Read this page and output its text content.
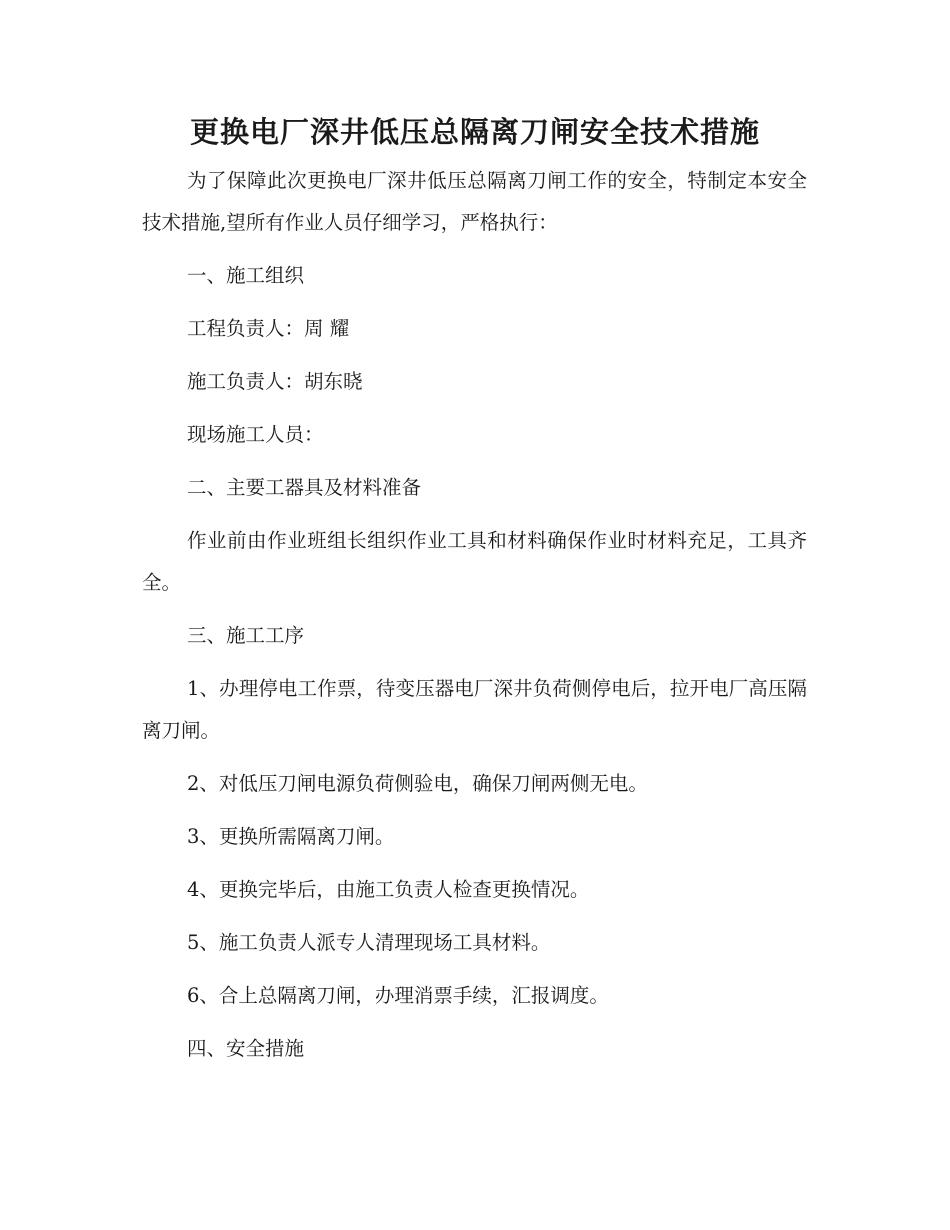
更换电厂深井低压总隔离刀闸安全技术措施

为了保障此次更换电厂深井低压总隔离刀闸工作的安全，特制定本安全技术措施,望所有作业人员仔细学习，严格执行：

一、施工组织

工程负责人：周 耀

施工负责人：胡东晓

现场施工人员：

二、主要工器具及材料准备

作业前由作业班组长组织作业工具和材料确保作业时材料充足，工具齐全。

三、施工工序

1、办理停电工作票，待变压器电厂深井负荷侧停电后，拉开电厂高压隔离刀闸。

2、对低压刀闸电源负荷侧验电，确保刀闸两侧无电。

3、更换所需隔离刀闸。

4、更换完毕后，由施工负责人检查更换情况。

5、施工负责人派专人清理现场工具材料。

6、合上总隔离刀闸，办理消票手续，汇报调度。

四、安全措施
